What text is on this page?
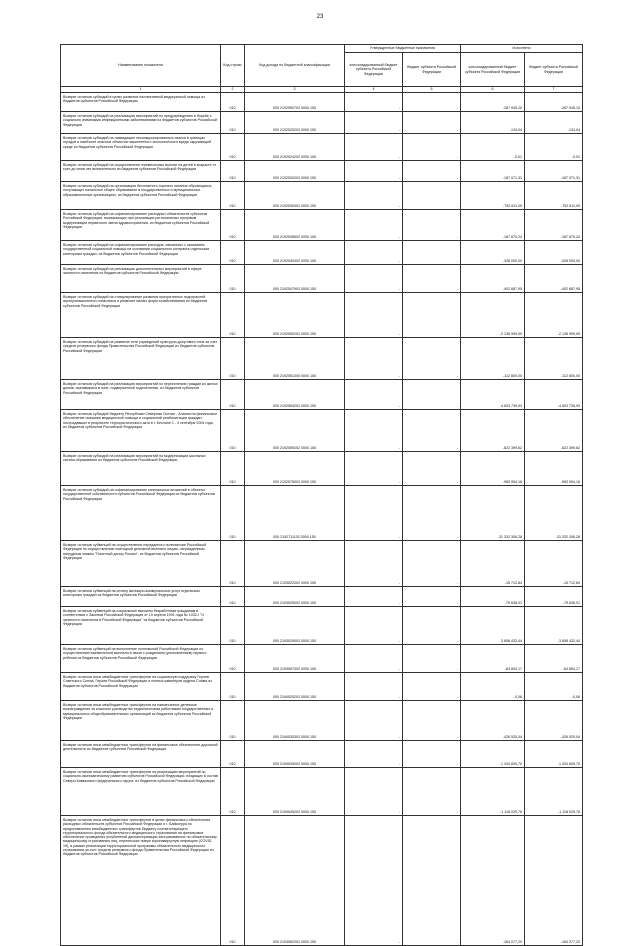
23
Наименование показателя	Код строки	Код дохода по бюджетной классификации	Утвержденные бюджетные назначения		Исполнено	
			консолидированный бюджет субъекта Российской Федерации	бюджет субъекта Российской Федерации	консолидированный бюджет субъекта Российской Федерации	бюджет субъекта Российской Федерации
1	2	3	4	5	6	7
Возврат остатков субсидий в целях развития паллиативной медицинской помощи из бюджетов субъектов Российской Федерации	010	000 2192590702 0000 150	-	-	-287 945,10	-287 945,10
Возврат остатков субсидий на реализацию мероприятий по предупреждению и борьбе с социально значимыми инфекционными заболеваниями из бюджетов субъектов Российской Федерации	010	000 2192520202 0000 150	-	-	-134,04	-134,04
Возврат остатков субсидий на ликвидацию несанкционированных свалок в границах городов и наиболее опасных объектов накопленного экологического вреда окружающей среде из бюджетов субъектов Российской Федерации	010	000 2192524202 0000 150	-	-	-0,01	-0,01
Возврат остатков субсидий на осуществление ежемесячных выплат на детей в возрасте от трех до семи лет включительно из бюджетов субъектов Российской Федерации	010	000 2192530202 0000 150	-	-	-187 071,31	-187 071,31
Возврат остатков субсидий на организацию бесплатного горячего питания обучающихся, получающих начальное общее образование в государственных и муниципальных образовательных организациях, из бюджетов субъектов Российской Федерации	010	000 2192530402 0000 150	-	-	-752 611,05	-752 611,05
Возврат остатков субсидий на софинансирование расходных обязательств субъектов Российской Федерации, возникающих при реализации региональных программ модернизации первичного звена здравоохранения, из бюджетов субъектов Российской Федерации	010	000 2192536502 0000 150	-	-	-187 670,24	-187 670,24
Возврат остатков субсидий на софинансирование расходов, связанных с оказанием государственной социальной помощи на основании социального контракта отдельным категориям граждан, из бюджетов субъектов Российской Федерации	010	000 2192540402 0000 150	-	-	-328 000,00	-328 000,00
Возврат остатков субсидий на реализацию дополнительных мероприятий в сфере занятости населения из бюджетов субъектов Российской Федерации	010	000 2192547902 0000 150	-	-	-402 687,95	-402 687,95
Возврат остатков субсидий на стимулирование развития приоритетных подотраслей агропромышленного комплекса и развитие малых форм хозяйствования из бюджетов субъектов Российской Федерации	010	000 2192550202 0000 150	-	-	-2 138 999,09	-2 138 999,09
Возврат остатков субсидий на развитие сети учреждений культурно-досугового типа за счет средств резервного фонда Правительства Российской Федерации из бюджетов субъектов Российской Федерации	010	000 2192551300 0000 150	-	-	-112 800,00	-112 800,00
Возврат остатков субсидий на реализацию мероприятий по переселению граждан из жилых домов, оказавшихся в зоне, подверженной подтоплению, из бюджетов субъектов Российской Федерации	010	000 2192554202 0000 150	-	-	-4 603 739,93	-4 603 739,93
Возврат остатков субсидий бюджету Республики Северная Осетия - Алания на финансовое обеспечение оказания медицинской помощи и социальной реабилитации граждан, пострадавших в результате террористического акта в г. Беслане 1 - 3 сентября 2004 года, из бюджетов субъектов Российской Федерации	010	000 2192559202 0000 150	-	-	-622 399,62	-622 399,62
Возврат остатков субсидий на реализацию мероприятий по модернизации школьных систем образования из бюджетов субъектов Российской Федерации	010	000 2192575002 0000 150	-	-	-983 954,16	-983 954,16
Возврат остатков субсидий на софинансирование капитальных вложений в объекты государственной собственности субъектов Российской Федерации из бюджетов субъектов Российской Федерации	010	000 2192711102 0000 150	-	-	-31 332 306,28	-31 332 306,28
Возврат остатков субвенций на осуществление переданного полномочия Российской Федерации по осуществлению ежегодной денежной выплаты лицам, награжденным нагрудным знаком "Почетный донор России", из бюджетов субъектов Российской Федерации	010	000 2193522002 0000 150	-	-	-15 712,84	-15 712,84
Возврат остатков субвенций на оплату жилищно-коммунальных услуг отдельным категориям граждан из бюджетов субъектов Российской Федерации	010	000 2193525002 0000 150	-	-	-79 638,01	-79 638,01
Возврат остатков субвенций на социальные выплаты безработным гражданам в соответствии с Законом Российской Федерации от 19 апреля 1991 года № 1032-I "О занятости населения в Российской Федерации" из бюджетов субъектов Российской Федерации	010	000 2193529002 0000 150	-	-	-3 658 432,44	-3 658 432,44
Возврат остатков субвенций на выполнение полномочий Российской Федерации по осуществлению ежемесячной выплаты в связи с рождением (усыновлением) первого ребенка из бюджетов субъектов Российской Федерации	010	000 2193557302 0000 150	-	-	-64 654,17	-64 654,17
Возврат остатков иных межбюджетных трансфертов на социальную поддержку Героев Советского Союза, Героев Российской Федерации и полных кавалеров ордена Славы из бюджетов субъектов Российской Федерации	010	000 2194525202 0000 150	-	-	-0,06	-0,06
Возврат остатков иных межбюджетных трансфертов на ежемесячное денежное вознаграждение за классное руководство педагогическим работникам государственных и муниципальных общеобразовательных организаций из бюджетов субъектов Российской Федерации	010	000 2194530302 0000 150	-	-	-426 520,04	-426 520,04
Возврат остатков иных межбюджетных трансфертов на финансовое обеспечение дорожной деятельности из бюджетов субъектов Российской Федерации	010	000 2194539002 0000 150	-	-	-1 334 609,70	-1 334 609,70
Возврат остатков иных межбюджетных трансфертов на реализацию мероприятий по социально-экономическому развитию субъектов Российской Федерации, входящих в состав Северо-Кавказского федерального округа, из бюджетов субъектов Российской Федерации	010	000 2194545202 0000 150	-	-	-1 118 029,76	-1 118 029,76
Возврат остатков иных межбюджетных трансфертов в целях финансового обеспечения расходных обязательств субъектов Российской Федерации и г. Байконура по предоставлению межбюджетных трансфертов бюджету соответствующего территориального фонда обязательного медицинского страхования на финансовое обеспечение проведения углубленной диспансеризации застрахованных по обязательному медицинскому страхованию лиц, перенесших новую коронавирусную инфекцию (COVID-19), в рамках реализации территориальной программы обязательного медицинского страхования за счет средств резервного фонда Правительства Российской Федерации из бюджетов субъектов Российской Федерации	010	000 2194562202 0000 150	-	-	-164 077,20	-164 077,20
